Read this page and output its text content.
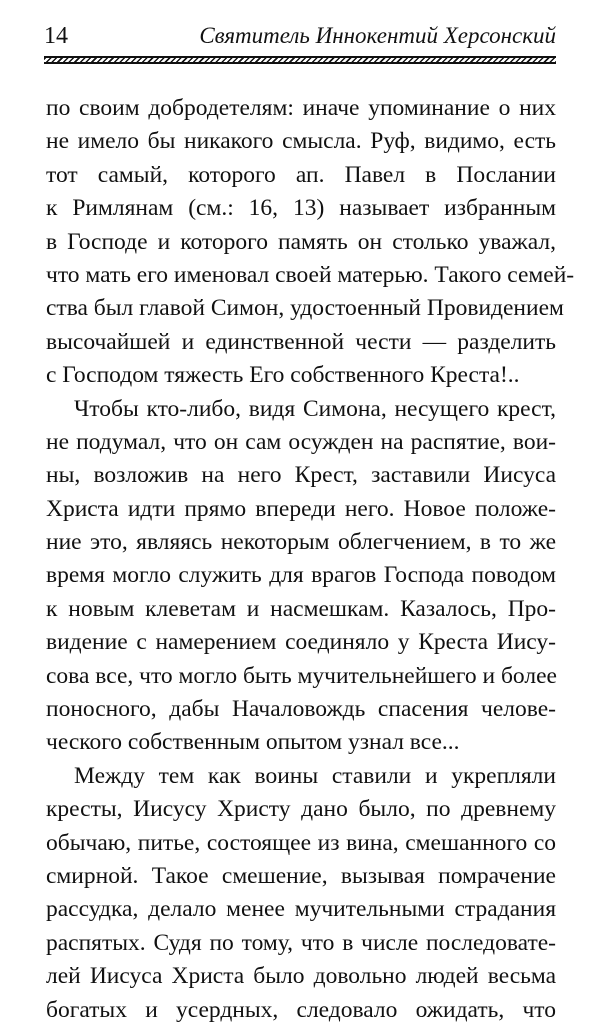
14	Святитель Иннокентий Херсонский
по своим добродетелям: иначе упоминание о них
не имело бы никакого смысла. Руф, видимо, есть
тот самый, которого ап. Павел в Послании
к Римлянам (см.: 16, 13) называет избранным
в Господе и которого память он столько уважал,
что мать его именовал своей матерью. Такого семей-
ства был главой Симон, удостоенный Провидением
высочайшей и единственной чести — разделить
с Господом тяжесть Его собственного Креста!..
Чтобы кто-либо, видя Симона, несущего крест,
не подумал, что он сам осужден на распятие, вои-
ны, возложив на него Крест, заставили Иисуса
Христа идти прямо впереди него. Новое положе-
ние это, являясь некоторым облегчением, в то же
время могло служить для врагов Господа поводом
к новым клеветам и насмешкам. Казалось, Про-
видение с намерением соединяло у Креста Иису-
сова все, что могло быть мучительнейшего и более
поносного, дабы Началовождь спасения челове-
ческого собственным опытом узнал все...
Между тем как воины ставили и укрепляли
кресты, Иисусу Христу дано было, по древнему
обычаю, питье, состоящее из вина, смешанного со
смирной. Такое смешение, вызывая помрачение
рассудка, делало менее мучительными страдания
распятых. Судя по тому, что в числе последовате-
лей Иисуса Христа было довольно людей весьма
богатых и усердных, следовало ожидать, что
